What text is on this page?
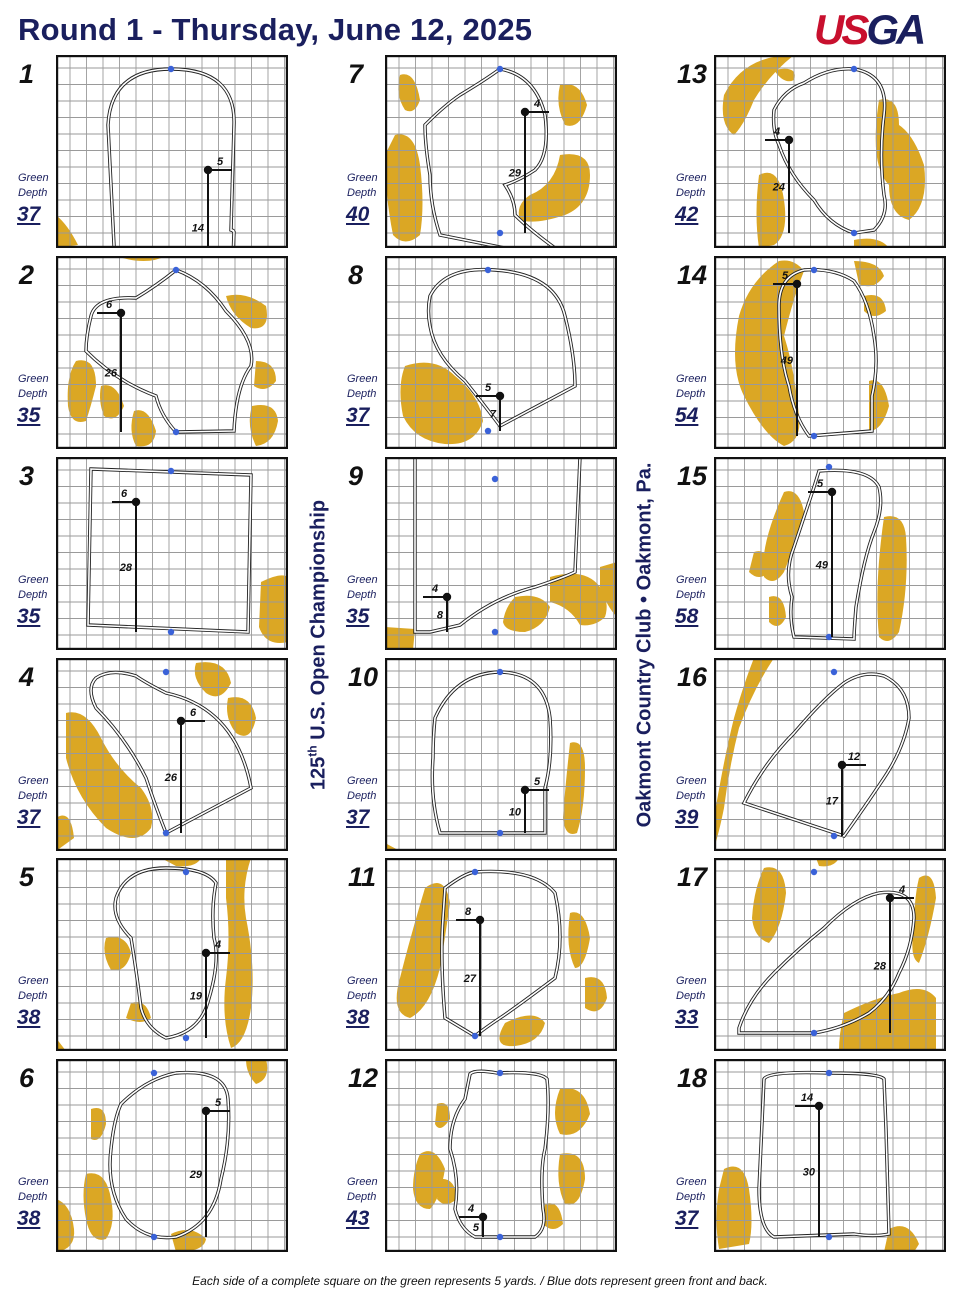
Round 1 - Thursday, June 12, 2025	USGA
125th U.S. Open Championship	Oakmont Country Club • Oakmont, Pa.
1
Green
Depth
37
5
14
2
Green
Depth
35
6
26
3
Green
Depth
35
6
28
4
Green
Depth
37
6
26
5
Green
Depth
38
4
19
6
Green
Depth
38
5
29
7
Green
Depth
40
4
29
8
Green
Depth
37
5
7
9
Green
Depth
35
4
8
10
Green
Depth
37
5
10
11
Green
Depth
38
8
27
12
Green
Depth
43	4
5
13
Green
Depth
42
4
24
14
Green
Depth
54
5
49
15
Green
Depth
58
5
49
16
Green
Depth
39
12
17
17
Green
Depth
33
4
28
18
Green
Depth
37
14
30
Each side of a complete square on the green represents 5 yards. / Blue dots represent green front and back.
